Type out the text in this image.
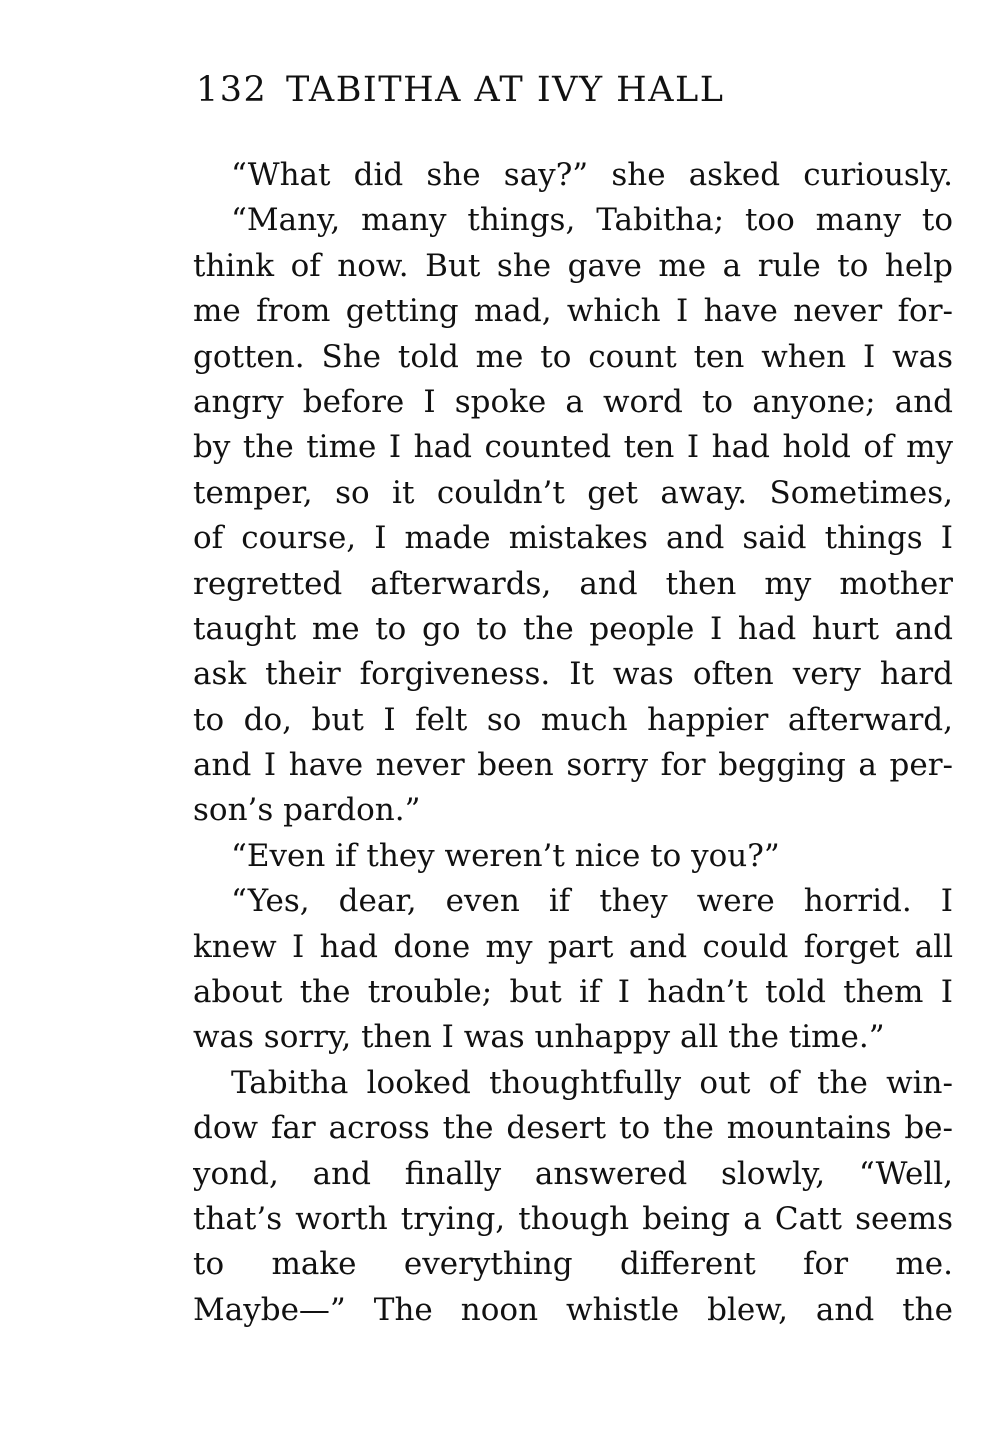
132 TABITHA AT IVY HALL
“What did she say?” she asked curiously.
“Many, many things, Tabitha; too many to
think of now. But she gave me a rule to help
me from getting mad, which I have never for-
gotten. She told me to count ten when I was
angry before I spoke a word to anyone; and
by the time I had counted ten I had hold of my
temper, so it couldn’t get away. Sometimes,
of course, I made mistakes and said things I
regretted afterwards, and then my mother
taught me to go to the people I had hurt and
ask their forgiveness. It was often very hard
to do, but I felt so much happier afterward,
and I have never been sorry for begging a per-
son’s pardon.”
“Even if they weren’t nice to you?”
“Yes, dear, even if they were horrid. I
knew I had done my part and could forget all
about the trouble; but if I hadn’t told them I
was sorry, then I was unhappy all the time.”
Tabitha looked thoughtfully out of the win-
dow far across the desert to the mountains be-
yond, and finally answered slowly, “Well,
that’s worth trying, though being a Catt seems
to make everything different for me.
Maybe—” The noon whistle blew, and the
